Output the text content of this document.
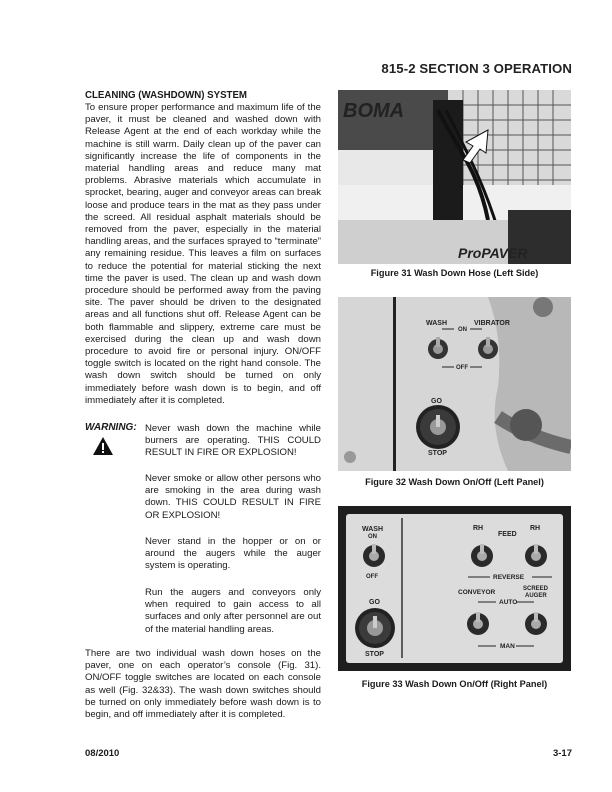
815-2 SECTION 3 OPERATION
CLEANING (WASHDOWN) SYSTEM
To ensure proper performance and maximum life of the paver, it must be cleaned and washed down with Release Agent at the end of each workday while the machine is still warm. Daily clean up of the paver can significantly increase the life of components in the material handling areas and reduce many mat problems. Abrasive materials which accumulate in sprocket, bearing, auger and conveyor areas can break loose and produce tears in the mat as they pass under the screed. All residual asphalt materials should be removed from the paver, especially in the material handling areas, and the surfaces sprayed to “terminate” any remaining residue. This leaves a film on surfaces to reduce the potential for material sticking the next time the paver is used. The clean up and wash down procedure should be performed away from the paving site. The paver should be driven to the designated areas and all functions shut off. Release Agent can be both flammable and slippery, extreme care must be exercised during the clean up and wash down procedure to avoid fire or personal injury. ON/OFF toggle switch is located on the right hand console. The wash down switch should be turned on only immediately before wash down is to begin, and off immediately after it is completed.
WARNING: Never wash down the machine while burners are operating. THIS COULD RESULT IN FIRE OR EXPLOSION!
Never smoke or allow other persons who are smoking in the area during wash down. THIS COULD RESULT IN FIRE OR EXPLOSION!
Never stand in the hopper or on or around the augers while the auger system is operating.
Run the augers and conveyors only when required to gain access to all surfaces and only after personnel are out of the material handling areas.
There are two individual wash down hoses on the paver, one on each operator’s console (Fig. 31). ON/OFF toggle switches are located on each console as well (Fig. 32&33). The wash down switches should be turned on only immediately before wash down is to begin, and off immediately after it is completed.
BOMA
ProPAVER
Figure 31 Wash Down Hose (Left Side)
WASH	VIBRATOR
ON
OFF
GO
STOP
Figure 32 Wash Down On/Off (Left Panel)
WASH
ON
OFF
GO
STOP
RH
FEED
RH
REVERSE
CONVEYOR	SCREED
AUGER
AUTO
MAN
Figure 33 Wash Down On/Off (Right Panel)
08/2010	3-17
